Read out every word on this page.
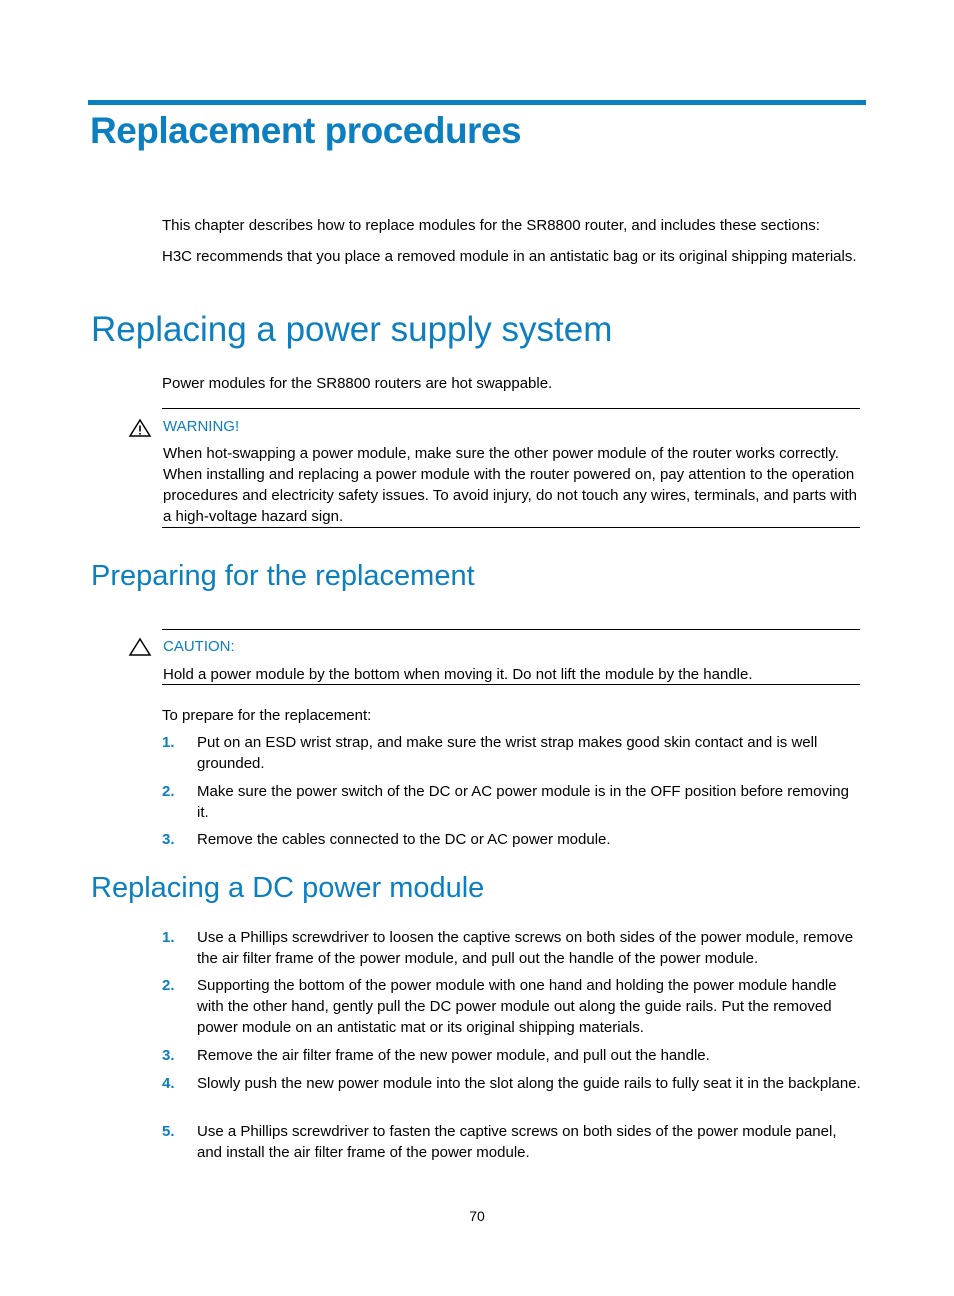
Replacement procedures

This chapter describes how to replace modules for the SR8800 router, and includes these sections:

H3C recommends that you place a removed module in an antistatic bag or its original shipping materials.

Replacing a power supply system

Power modules for the SR8800 routers are hot swappable.

WARNING!

When hot-swapping a power module, make sure the other power module of the router works correctly. When installing and replacing a power module with the router powered on, pay attention to the operation procedures and electricity safety issues. To avoid injury, do not touch any wires, terminals, and parts with a high-voltage hazard sign.

Preparing for the replacement

CAUTION:

Hold a power module by the bottom when moving it. Do not lift the module by the handle.

To prepare for the replacement:

1. Put on an ESD wrist strap, and make sure the wrist strap makes good skin contact and is well grounded.
2. Make sure the power switch of the DC or AC power module is in the OFF position before removing it.
3. Remove the cables connected to the DC or AC power module.
Replacing a DC power module
1. Use a Phillips screwdriver to loosen the captive screws on both sides of the power module, remove the air filter frame of the power module, and pull out the handle of the power module.
2. Supporting the bottom of the power module with one hand and holding the power module handle with the other hand, gently pull the DC power module out along the guide rails. Put the removed power module on an antistatic mat or its original shipping materials.
3. Remove the air filter frame of the new power module, and pull out the handle.
4. Slowly push the new power module into the slot along the guide rails to fully seat it in the backplane.
5. Use a Phillips screwdriver to fasten the captive screws on both sides of the power module panel, and install the air filter frame of the power module.
70
